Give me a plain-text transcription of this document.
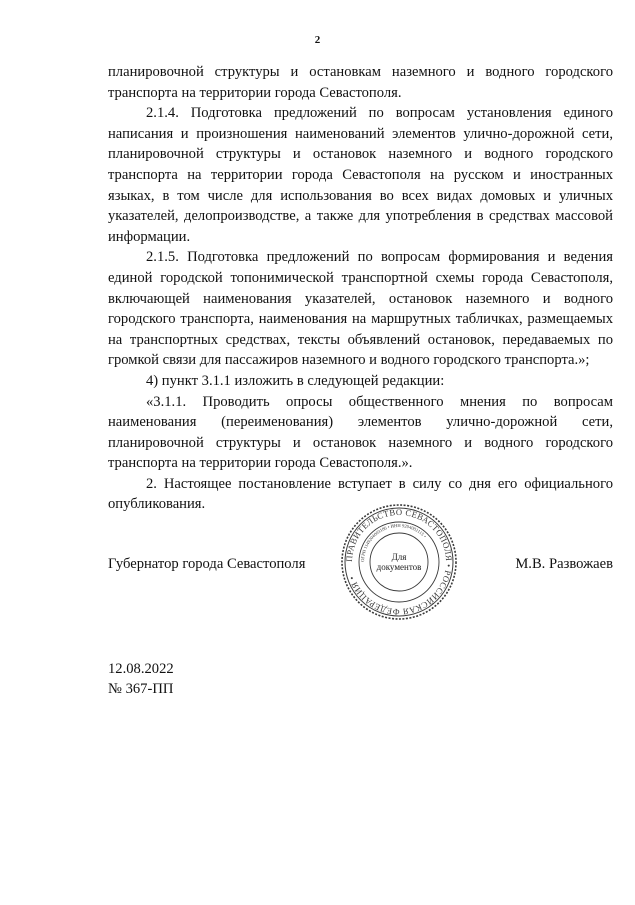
2

планировочной структуры и остановкам наземного и водного городского транспорта на территории города Севастополя.

2.1.4. Подготовка предложений по вопросам установления единого написания и произношения наименований элементов улично-дорожной сети, планировочной структуры и остановок наземного и водного городского транспорта на территории города Севастополя на русском и иностранных языках, в том числе для использования во всех видах домовых и уличных указателей, делопроизводстве, а также для употребления в средствах массовой информации.

2.1.5. Подготовка предложений по вопросам формирования и ведения единой городской топонимической транспортной схемы города Севастополя, включающей наименования указателей, остановок наземного и водного городского транспорта, наименования на маршрутных табличках, размещаемых на транспортных средствах, тексты объявлений остановок, передаваемых по громкой связи для пассажиров наземного и водного городского транспорта.»;

4) пункт 3.1.1 изложить в следующей редакции:

«3.1.1. Проводить опросы общественного мнения по вопросам наименования (переименования) элементов улично-дорожной сети, планировочной структуры и остановок наземного и водного городского транспорта на территории города Севастополя.».

2. Настоящее постановление вступает в силу со дня его официального опубликования.

Губернатор города Севастополя	М.В. Развожаев
ПРАВИТЕЛЬСТВО СЕВАСТОПОЛЯ • РОССИЙСКАЯ ФЕДЕРАЦИЯ •
ОГРН 1149204003186 • ИНН 9204002115 •
Для
документов
12.08.2022
№ 367-ПП
